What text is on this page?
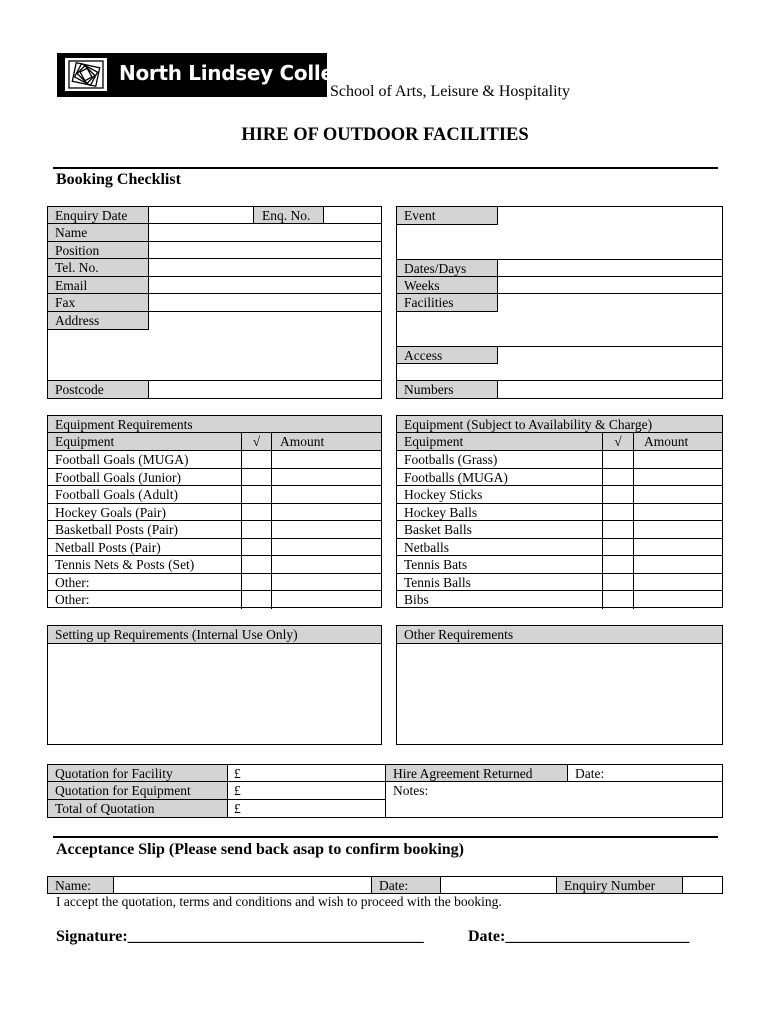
North Lindsey College
School of Arts, Leisure & Hospitality
HIRE OF OUTDOOR FACILITIES
Booking Checklist
Enquiry Date	Enq. No.
Name
Position
Tel. No.
Email
Fax
Address
Postcode
Event
Dates/Days
Weeks
Facilities
Access
Numbers
Equipment Requirements
Equipment	√	Amount
Football Goals (MUGA)
Football Goals (Junior)
Football Goals (Adult)
Hockey Goals (Pair)
Basketball Posts (Pair)
Netball Posts (Pair)
Tennis Nets & Posts (Set)
Other:
Other:
Equipment (Subject to Availability & Charge)
Equipment	√	Amount
Footballs (Grass)
Footballs (MUGA)
Hockey Sticks
Hockey Balls
Basket Balls
Netballs
Tennis Bats
Tennis Balls
Bibs
Setting up Requirements (Internal Use Only)	Other Requirements
Quotation for Facility	£
Quotation for Equipment	£
Total of Quotation	£
Hire Agreement Returned	Date:
Notes:
Acceptance Slip (Please send back asap to confirm booking)
Name:	Date:	Enquiry Number
I accept the quotation, terms and conditions and wish to proceed with the booking.
Signature:_____________________________________	Date:_______________________
